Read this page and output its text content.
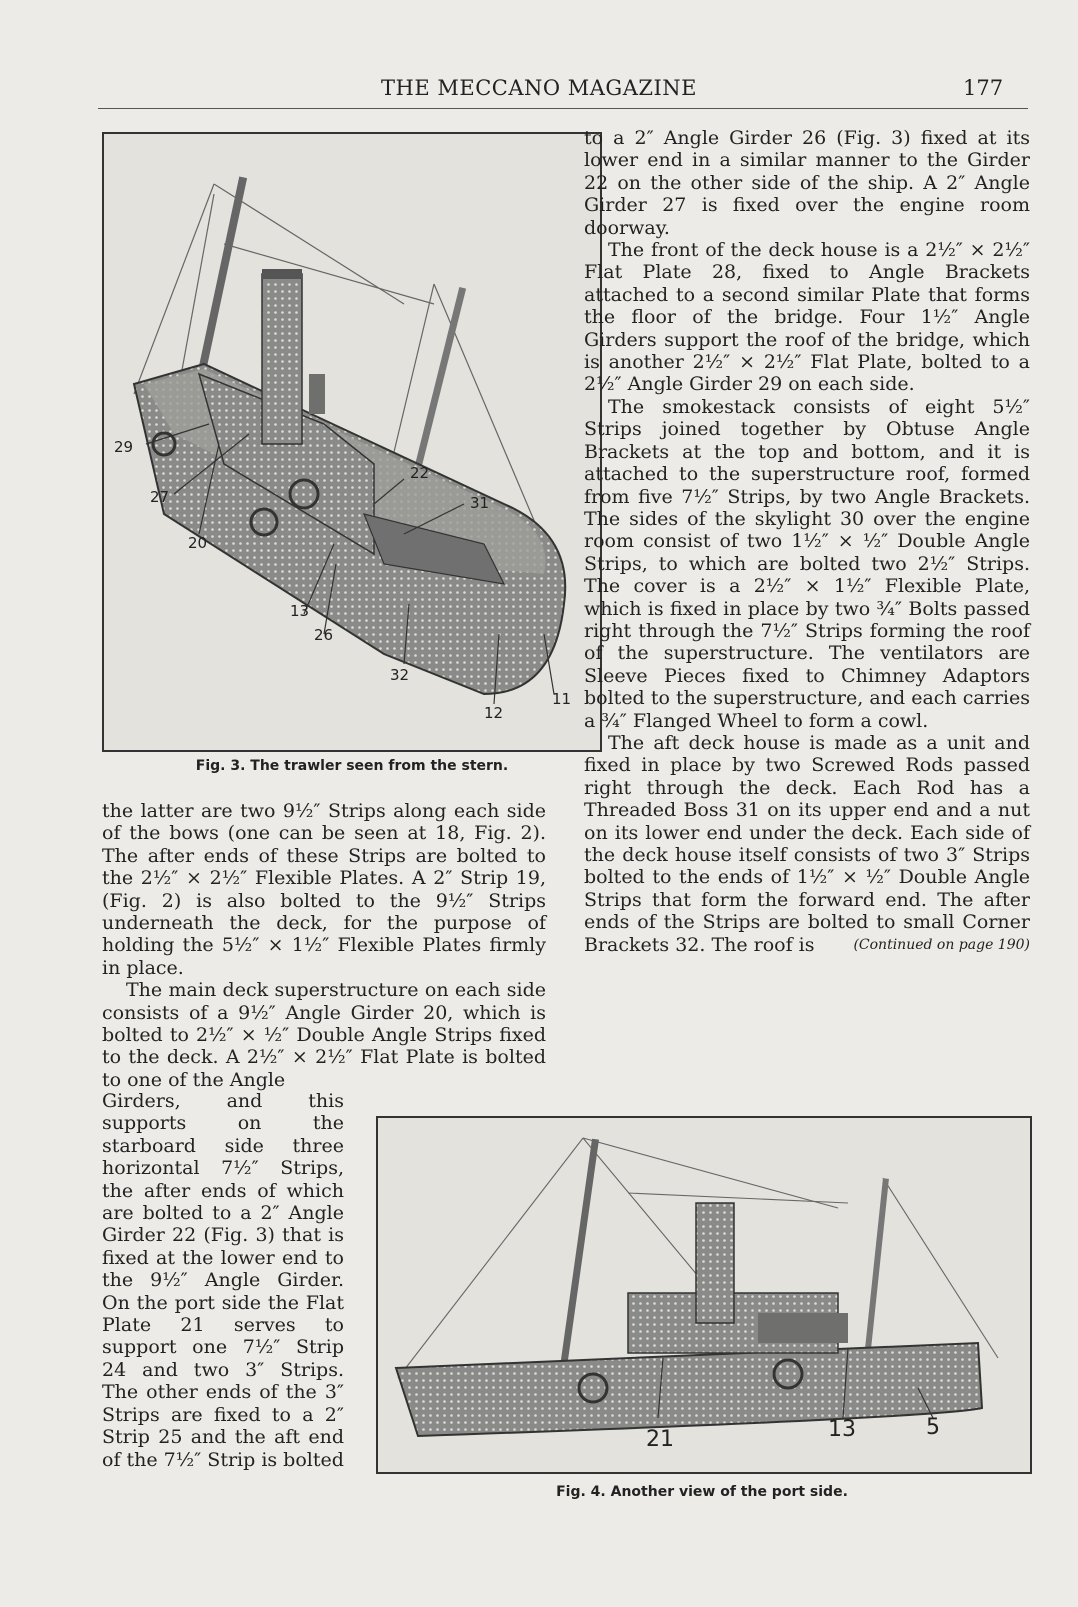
THE MECCANO MAGAZINE	177
29
27
20
13
26
32
12
11
22
31
Fig. 3. The trawler seen from the stern.

to a 2″ Angle Girder 26 (Fig. 3) fixed at its lower end in a similar manner to the Girder 22 on the other side of the ship. A 2″ Angle Girder 27 is fixed over the engine room doorway.

The front of the deck house is a 2½″ × 2½″ Flat Plate 28, fixed to Angle Brackets attached to a second similar Plate that forms the floor of the bridge. Four 1½″ Angle Girders support the roof of the bridge, which is another 2½″ × 2½″ Flat Plate, bolted to a 2½″ Angle Girder 29 on each side.

The smokestack consists of eight 5½″ Strips joined together by Obtuse Angle Brackets at the top and bottom, and it is attached to the superstructure roof, formed from five 7½″ Strips, by two Angle Brackets. The sides of the skylight 30 over the engine room consist of two 1½″ × ½″ Double Angle Strips, to which are bolted two 2½″ Strips. The cover is a 2½″ × 1½″ Flexible Plate, which is fixed in place by two ¾″ Bolts passed right through the 7½″ Strips forming the roof of the superstructure. The ventilators are Sleeve Pieces fixed to Chimney Adaptors bolted to the superstructure, and each carries a ¾″ Flanged Wheel to form a cowl.

The aft deck house is made as a unit and fixed in place by two Screwed Rods passed right through the deck. Each Rod has a Threaded Boss 31 on its upper end and a nut on its lower end under the deck. Each side of the deck house itself consists of two 3″ Strips bolted to the ends of 1½″ × ½″ Double Angle Strips that form the forward end. The after ends of the Strips are bolted to small Corner Brackets 32. The roof is	(Continued on page 190)

the latter are two 9½″ Strips along each side of the bows (one can be seen at 18, Fig. 2). The after ends of these Strips are bolted to the 2½″ × 2½″ Flexible Plates. A 2″ Strip 19, (Fig. 2) is also bolted to the 9½″ Strips underneath the deck, for the purpose of holding the 5½″ × 1½″ Flexible Plates firmly in place.

The main deck superstructure on each side consists of a 9½″ Angle Girder 20, which is bolted to 2½″ × ½″ Double Angle Strips fixed to the deck. A 2½″ × 2½″ Flat Plate is bolted to one of the Angle

Girders, and this supports on the starboard side three horizontal 7½″ Strips, the after ends of which are bolted to a 2″ Angle Girder 22 (Fig. 3) that is fixed at the lower end to the 9½″ Angle Girder. On the port side the Flat Plate 21 serves to support one 7½″ Strip 24 and two 3″ Strips. The other ends of the 3″ Strips are fixed to a 2″ Strip 25 and the aft end of the 7½″ Strip is bolted

21	13	5
Fig. 4. Another view of the port side.
